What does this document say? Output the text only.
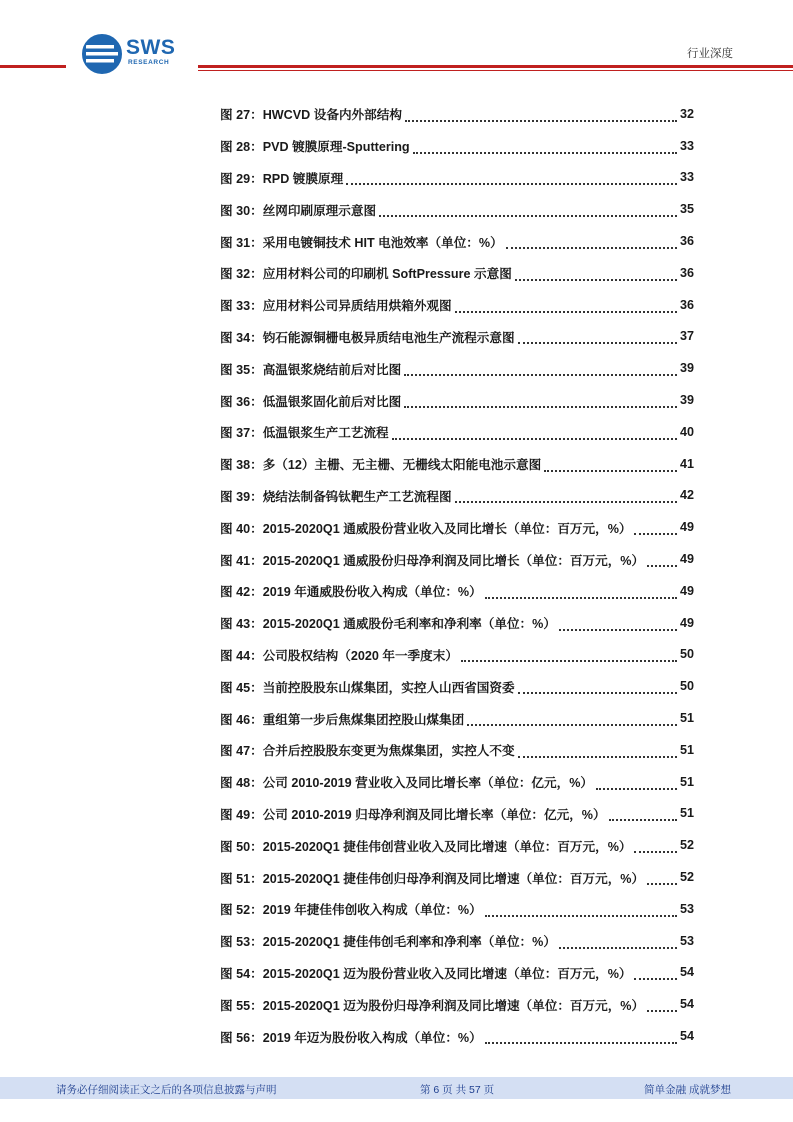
SWS
RESEARCH
行业深度
图 27：HWCVD 设备内外部结构	32
图 28：PVD 镀膜原理-Sputtering	33
图 29：RPD 镀膜原理	33
图 30：丝网印刷原理示意图	35
图 31：采用电镀铜技术 HIT 电池效率（单位：%）	36
图 32：应用材料公司的印刷机 SoftPressure 示意图	36
图 33：应用材料公司异质结用烘箱外观图	36
图 34：钧石能源铜栅电极异质结电池生产流程示意图	37
图 35：高温银浆烧结前后对比图	39
图 36：低温银浆固化前后对比图	39
图 37：低温银浆生产工艺流程	40
图 38：多（12）主栅、无主栅、无栅线太阳能电池示意图	41
图 39：烧结法制备钨钛靶生产工艺流程图	42
图 40：2015-2020Q1 通威股份营业收入及同比增长（单位：百万元，%）	49
图 41：2015-2020Q1 通威股份归母净利润及同比增长（单位：百万元，%）	49
图 42：2019 年通威股份收入构成（单位：%）	49
图 43：2015-2020Q1 通威股份毛利率和净利率（单位：%）	49
图 44：公司股权结构（2020 年一季度末）	50
图 45：当前控股股东山煤集团，实控人山西省国资委	50
图 46：重组第一步后焦煤集团控股山煤集团	51
图 47：合并后控股股东变更为焦煤集团，实控人不变	51
图 48：公司 2010-2019 营业收入及同比增长率（单位：亿元，%）	51
图 49：公司 2010-2019 归母净利润及同比增长率（单位：亿元，%）	51
图 50：2015-2020Q1 捷佳伟创营业收入及同比增速（单位：百万元，%）	52
图 51：2015-2020Q1 捷佳伟创归母净利润及同比增速（单位：百万元，%）	52
图 52：2019 年捷佳伟创收入构成（单位：%）	53
图 53：2015-2020Q1 捷佳伟创毛利率和净利率（单位：%）	53
图 54：2015-2020Q1 迈为股份营业收入及同比增速（单位：百万元，%）	54
图 55：2015-2020Q1 迈为股份归母净利润及同比增速（单位：百万元，%）	54
图 56：2019 年迈为股份收入构成（单位：%）	54
请务必仔细阅读正文之后的各项信息披露与声明	第 6 页 共 57 页	简单金融 成就梦想
